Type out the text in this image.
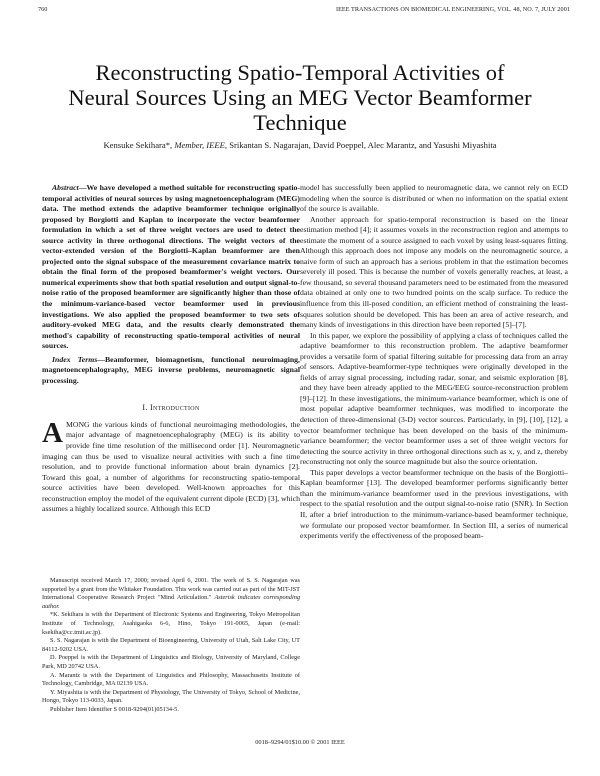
760	IEEE TRANSACTIONS ON BIOMEDICAL ENGINEERING, VOL. 48, NO. 7, JULY 2001
Reconstructing Spatio-Temporal Activities of
Neural Sources Using an MEG Vector Beamformer
Technique
Kensuke Sekihara*, Member, IEEE, Srikantan S. Nagarajan, David Poeppel, Alec Marantz, and Yasushi Miyashita

Abstract—We have developed a method suitable for reconstructing spatio-temporal activities of neural sources by using magnetoencephalogram (MEG) data. The method extends the adaptive beamformer technique originally proposed by Borgiotti and Kaplan to incorporate the vector beamformer formulation in which a set of three weight vectors are used to detect the source activity in three orthogonal directions. The weight vectors of the vector-extended version of the Borgiotti–Kaplan beamformer are then projected onto the signal subspace of the measurement covariance matrix to obtain the final form of the proposed beamformer's weight vectors. Our numerical experiments show that both spatial resolution and output signal-to-noise ratio of the proposed beamformer are significantly higher than those of the minimum-variance-based vector beamformer used in previous investigations. We also applied the proposed beamformer to two sets of auditory-evoked MEG data, and the results clearly demonstrated the method's capability of reconstructing spatio-temporal activities of neural sources.

Index Terms—Beamformer, biomagnetism, functional neuroimaging, magnetoencephalography, MEG inverse problems, neuromagnetic signal processing.

I. Introduction

AMONG the various kinds of functional neuroimaging methodologies, the major advantage of magnetoencephalography (MEG) is its ability to provide fine time resolution of the millisecond order [1]. Neuromagnetic imaging can thus be used to visualize neural activities with such a fine time resolution, and to provide functional information about brain dynamics [2]. Toward this goal, a number of algorithms for reconstructing spatio-temporal source activities have been developed. Well-known approaches for this reconstruction employ the model of the equivalent current dipole (ECD) [3], which assumes a highly localized source. Although this ECD

model has successfully been applied to neuromagnetic data, we cannot rely on ECD modeling when the source is distributed or when no information on the spatial extent of the source is available.

Another approach for spatio-temporal reconstruction is based on the linear estimation method [4]; it assumes voxels in the reconstruction region and attempts to estimate the moment of a source assigned to each voxel by using least-squares fitting. Although this approach does not impose any models on the neuromagnetic source, a naive form of such an approach has a serious problem in that the estimation becomes severely ill posed. This is because the number of voxels generally reaches, at least, a few thousand, so several thousand parameters need to be estimated from the measured data obtained at only one to two hundred points on the scalp surface. To reduce the influence from this ill-posed condition, an efficient method of constraining the least-squares solution should be developed. This has been an area of active research, and many kinds of investigations in this direction have been reported [5]–[7].

In this paper, we explore the possibility of applying a class of techniques called the adaptive beamformer to this reconstruction problem. The adaptive beamformer provides a versatile form of spatial filtering suitable for processing data from an array of sensors. Adaptive-beamformer-type techniques were originally developed in the fields of array signal processing, including radar, sonar, and seismic exploration [8], and they have been already applied to the MEG/EEG source-reconstruction problem [9]–[12]. In these investigations, the minimum-variance beamformer, which is one of most popular adaptive beamformer techniques, was modified to incorporate the detection of three-dimensional (3-D) vector sources. Particularly, in [9], [10], [12], a vector beamformer technique has been developed on the basis of the minimum-variance beamformer; the vector beamformer uses a set of three weight vectors for detecting the source activity in three orthogonal directions such as x, y, and z, thereby reconstructing not only the source magnitude but also the source orientation.

This paper develops a vector beamformer technique on the basis of the Borgiotti–Kaplan beamformer [13]. The developed beamformer performs significantly better than the minimum-variance beamformer used in the previous investigations, with respect to the spatial resolution and the output signal-to-noise ratio (SNR). In Section II, after a brief introduction to the minimum-variance-based beamformer technique, we formulate our proposed vector beamformer. In Section III, a series of numerical experiments verify the effectiveness of the proposed beam-

Manuscript received March 17, 2000; revised April 6, 2001. The work of S. S. Nagarajan was supported by a grant from the Whitaker Foundation. This work was carried out as part of the MIT-JST International Cooperative Research Project "Mind Articulation." Asterisk indicates corresponding author.

*K. Sekihara is with the Department of Electronic Systems and Engineering, Tokyo Metropolitan Institute of Technology, Asahigaoka 6-6, Hino, Tokyo 191-0065, Japan (e-mail: ksekiha@cc.tmit.ac.jp).

S. S. Nagarajan is with the Department of Bioengineering, University of Utah, Salt Lake City, UT 84112-9202 USA.

D. Poeppel is with the Department of Linguistics and Biology, University of Maryland, College Park, MD 20742 USA.

A. Marantz is with the Department of Linguistics and Philosophy, Massachusetts Institute of Technology, Cambridge, MA 02139 USA.

Y. Miyashita is with the Department of Physiology, The University of Tokyo, School of Medicine, Hongo, Tokyo 113-0033, Japan.

Publisher Item Identifier S 0018-9294(01)05134-5.

0018–9294/01$10.00 © 2001 IEEE
